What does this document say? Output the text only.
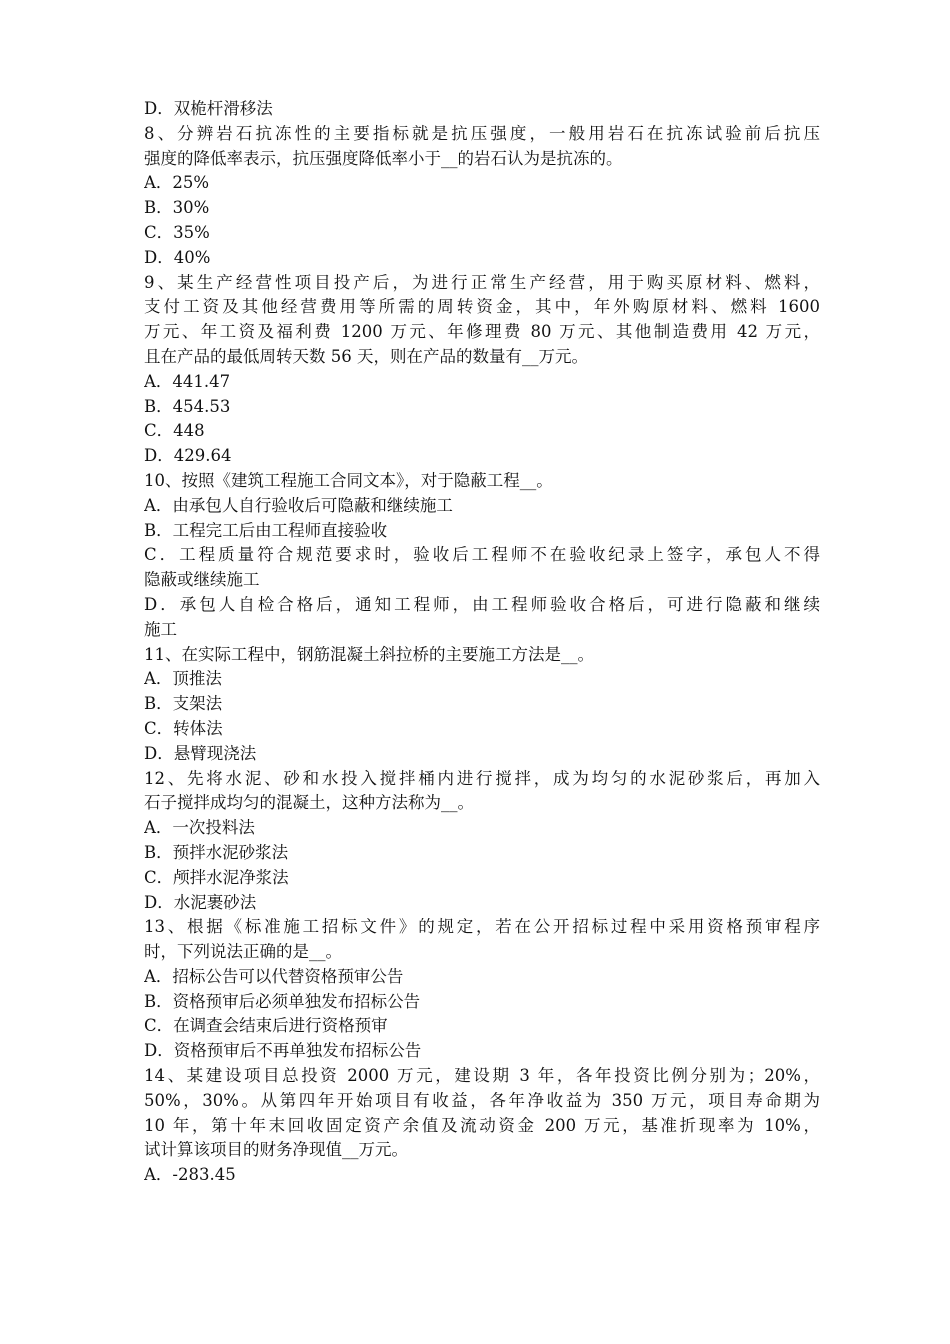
D．双桅杆滑移法
8、分辨岩石抗冻性的主要指标就是抗压强度，一般用岩石在抗冻试验前后抗压
强度的降低率表示，抗压强度降低率小于__的岩石认为是抗冻的。
A．25%
B．30%
C．35%
D．40%
9、某生产经营性项目投产后，为进行正常生产经营，用于购买原材料、燃料，
支付工资及其他经营费用等所需的周转资金，其中，年外购原材料、燃料 1600
万元、年工资及福利费 1200 万元、年修理费 80 万元、其他制造费用 42 万元，
且在产品的最低周转天数 56 天，则在产品的数量有__万元。
A．441.47
B．454.53
C．448
D．429.64
10、按照《建筑工程施工合同文本》，对于隐蔽工程__。
A．由承包人自行验收后可隐蔽和继续施工
B．工程完工后由工程师直接验收
C．工程质量符合规范要求时，验收后工程师不在验收纪录上签字，承包人不得
隐蔽或继续施工
D．承包人自检合格后，通知工程师，由工程师验收合格后，可进行隐蔽和继续
施工
11、在实际工程中，钢筋混凝土斜拉桥的主要施工方法是__。
A．顶推法
B．支架法
C．转体法
D．悬臂现浇法
12、先将水泥、砂和水投入搅拌桶内进行搅拌，成为均匀的水泥砂浆后，再加入
石子搅拌成均匀的混凝土，这种方法称为__。
A．一次投料法
B．预拌水泥砂浆法
C．颅拌水泥净浆法
D．水泥裹砂法
13、根据《标准施工招标文件》的规定，若在公开招标过程中采用资格预审程序
时，下列说法正确的是__。
A．招标公告可以代替资格预审公告
B．资格预审后必须单独发布招标公告
C．在调查会结束后进行资格预审
D．资格预审后不再单独发布招标公告
14、某建设项目总投资 2000 万元，建设期 3 年，各年投资比例分别为；20%，
50%，30%。从第四年开始项目有收益，各年净收益为 350 万元，项目寿命期为
10 年，第十年末回收固定资产余值及流动资金 200 万元，基准折现率为 10%，
试计算该项目的财务净现值__万元。
A．-283.45
